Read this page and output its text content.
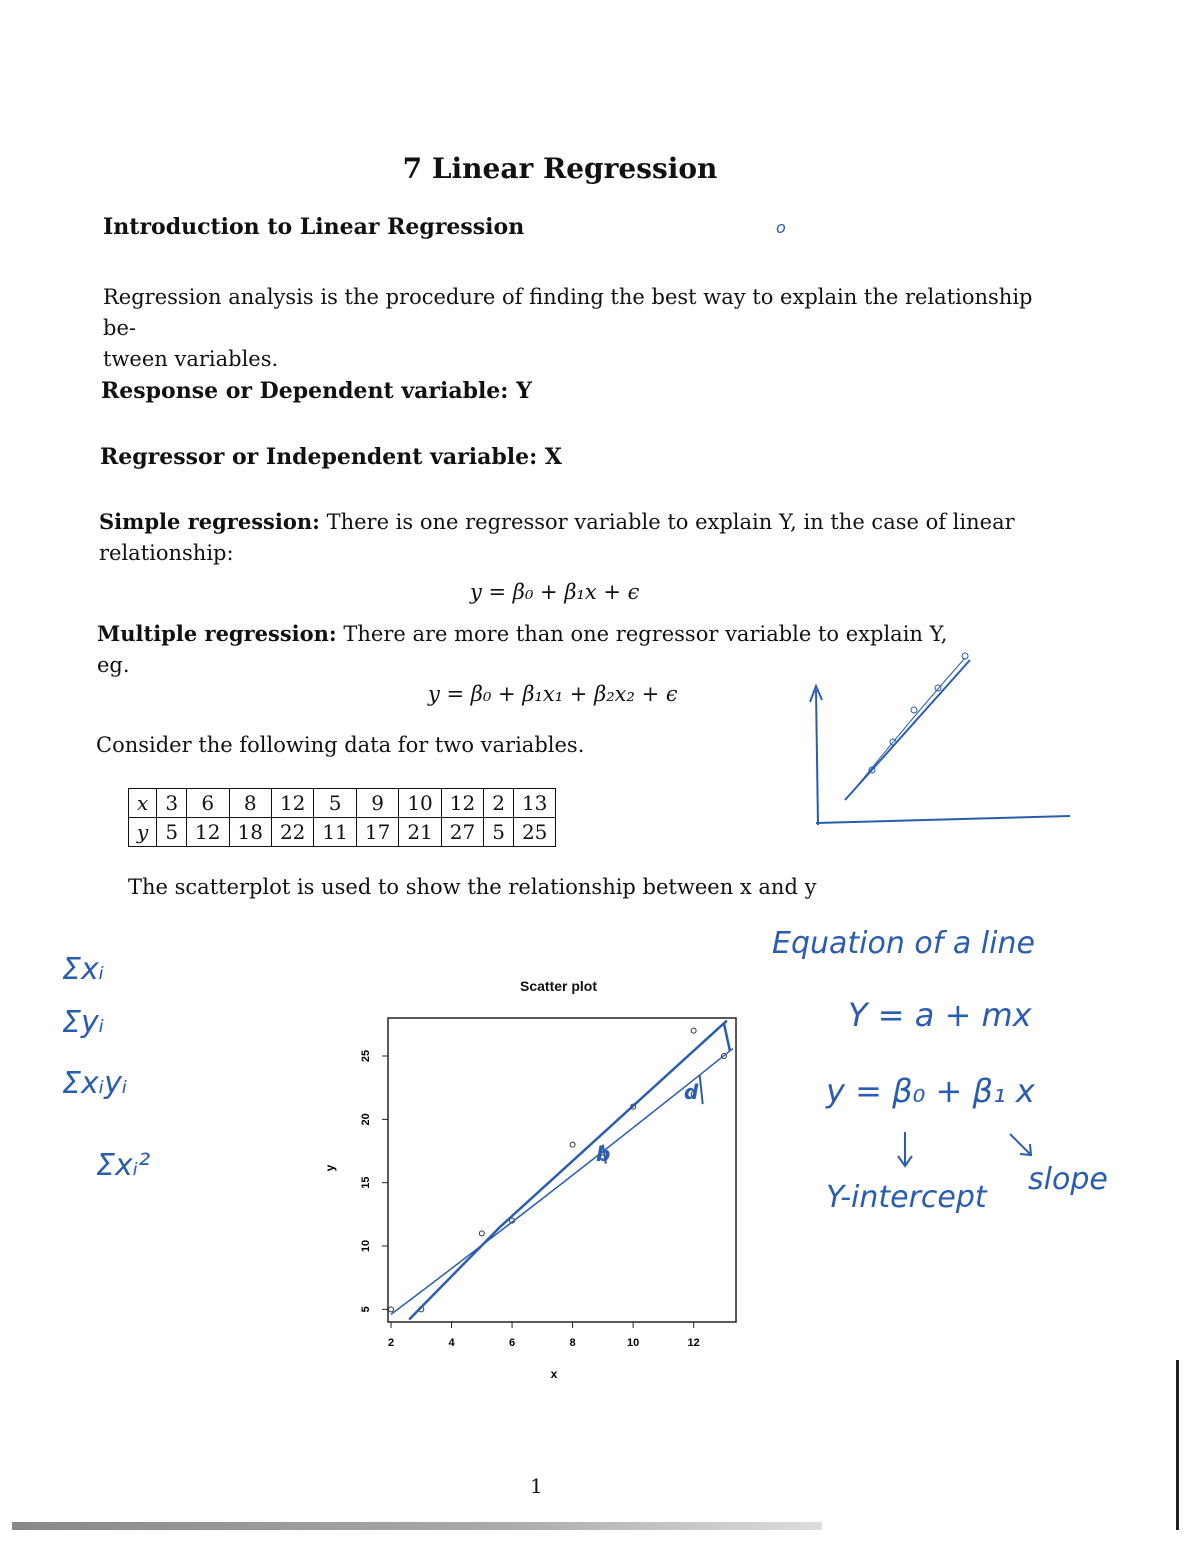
7 Linear Regression
Introduction to Linear Regression
Regression analysis is the procedure of finding the best way to explain the relationship be-
tween variables.
Response or Dependent variable: Y
Regressor or Independent variable: X
Simple regression: There is one regressor variable to explain Y, in the case of linear
relationship:
y = β₀ + β₁x + ϵ
Multiple regression: There are more than one regressor variable to explain Y, eg.
y = β₀ + β₁x₁ + β₂x₂ + ϵ
Consider the following data for two variables.
x	3	6	8	12	5	9	10	12	2	13
y	5	12	18	22	11	17	21	27	5	25
The scatterplot is used to show the relationship between x and y
o
Σxᵢ
Σyᵢ
Σxᵢyᵢ
Σxᵢ²
Equation of a line
Y = a + mx
y = β₀ + β₁ x
Y-intercept
slope
Scatter plot
2	4	6	8	10	12
5
10
15
20
25
x
y
b
d
1
